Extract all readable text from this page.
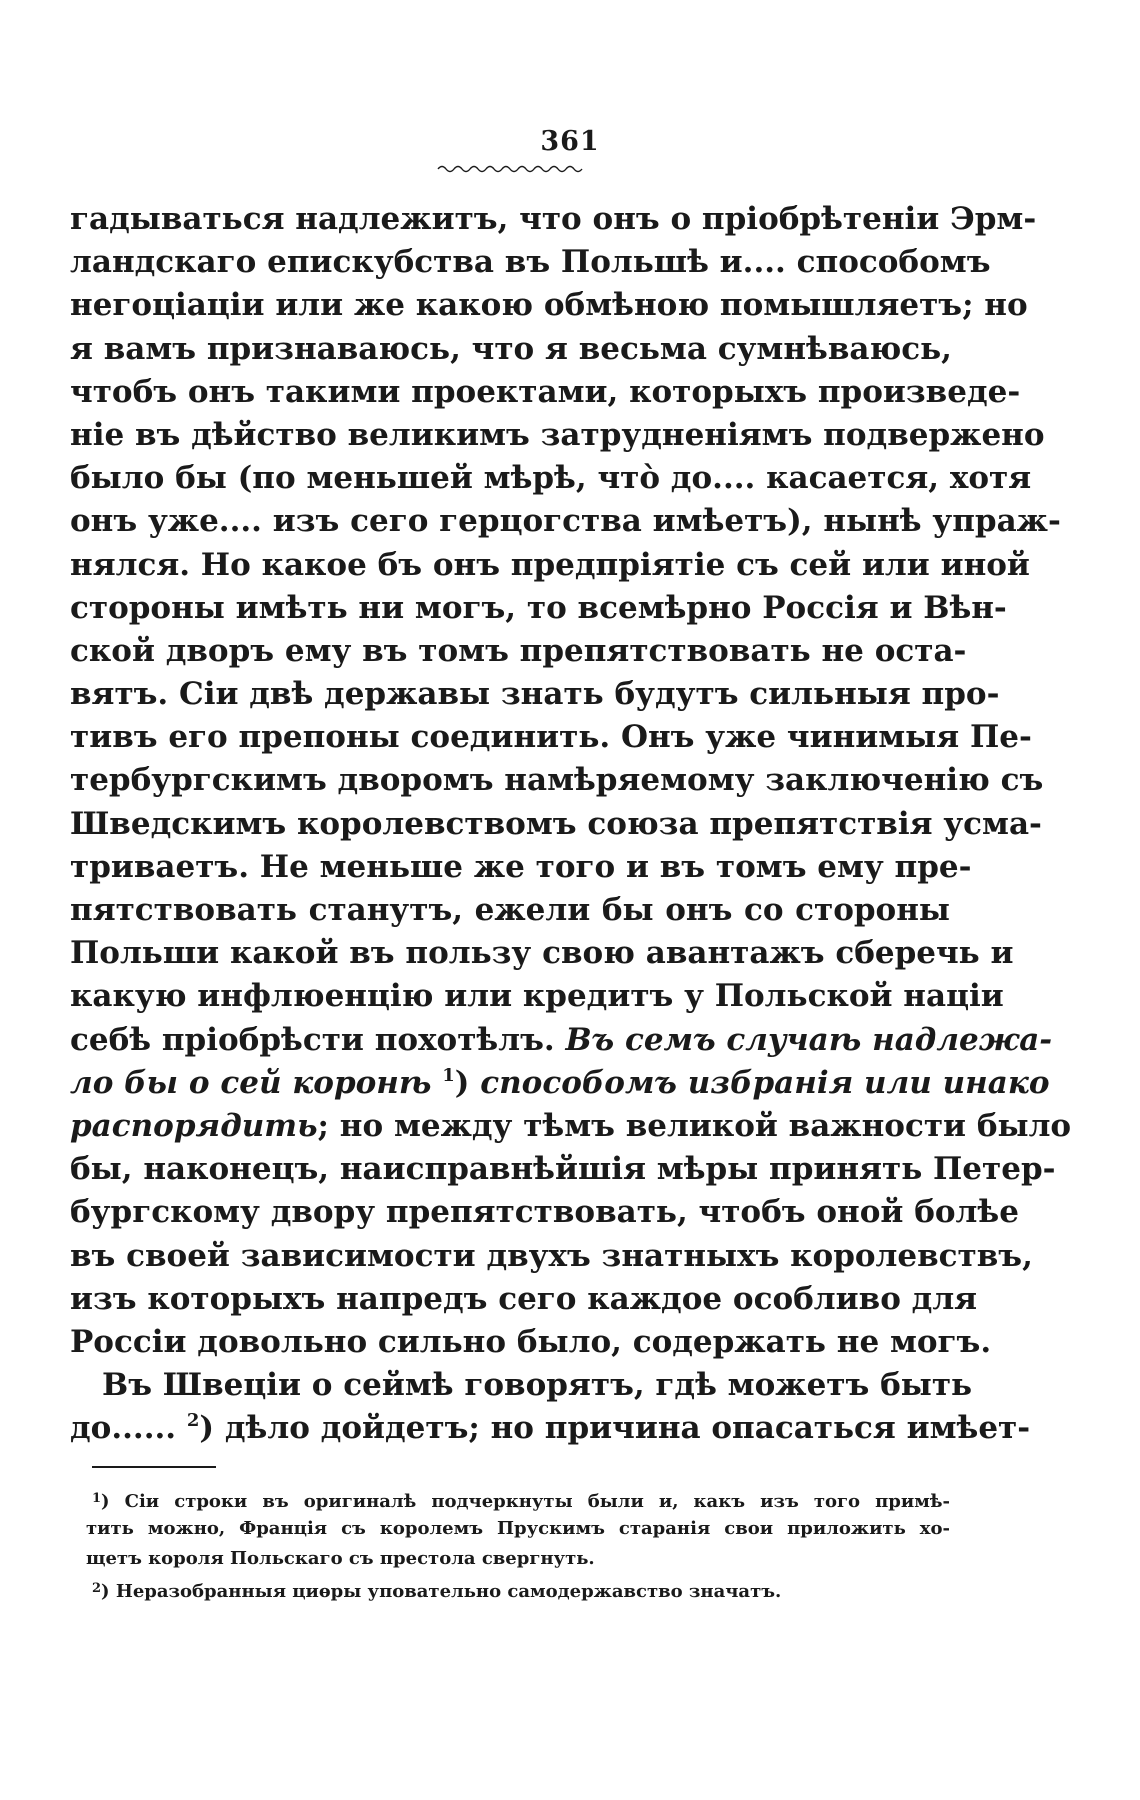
361
гадываться надлежитъ, что онъ о пріобрѣтеніи Эрм-
ландскаго епискубства въ Польшѣ и.... способомъ
негоціаціи или же какою обмѣною помышляетъ; но
я вамъ признаваюсь, что я весьма сумнѣваюсь,
чтобъ онъ такими проектами, которыхъ произведе-
ніе въ дѣйство великимъ затрудненіямъ подвержено
было бы (по меньшей мѣрѣ, что̀ до.... касается, хотя
онъ уже.... изъ сего герцогства имѣетъ), нынѣ упраж-
нялся. Но какое бъ онъ предпріятіе съ сей или иной
стороны имѣть ни могъ, то всемѣрно Россія и Вѣн-
ской дворъ ему въ томъ препятствовать не оста-
вятъ. Сіи двѣ державы знать будутъ сильныя про-
тивъ его препоны соединить. Онъ уже чинимыя Пе-
тербургскимъ дворомъ намѣряемому заключенію съ
Шведскимъ королевствомъ союза препятствія усма-
триваетъ. Не меньше же того и въ томъ ему пре-
пятствовать станутъ, ежели бы онъ со стороны
Польши какой въ пользу свою авантажъ сберечь и
какую инфлюенцію или кредитъ у Польской націи
себѣ пріобрѣсти похотѣлъ. Въ семъ случаѣ надлежа-
ло бы о сей коронѣ $^1$) способомъ избранія или инако
распорядить; но между тѣмъ великой важности было
бы, наконецъ, наисправнѣйшія мѣры принять Петер-
бургскому двору препятствовать, чтобъ оной болѣе
въ своей зависимости двухъ знатныхъ королевствъ,
изъ которыхъ напредъ сего каждое особливо для
Россіи довольно сильно было, содержать не могъ.
Въ Швеціи о сеймѣ говорятъ, гдѣ можетъ быть
до...... $^2$) дѣло дойдетъ; но причина опасаться имѣет-
$^1$) Сіи строки въ оригиналѣ подчеркнуты были и, какъ изъ того примѣ-
тить можно, Франція съ королемъ Прускимъ старанія свои приложить хо-
щетъ короля Польскаго съ престола свергнуть.
$^2$) Неразобранныя циѳры уповательно самодержавство значатъ.
